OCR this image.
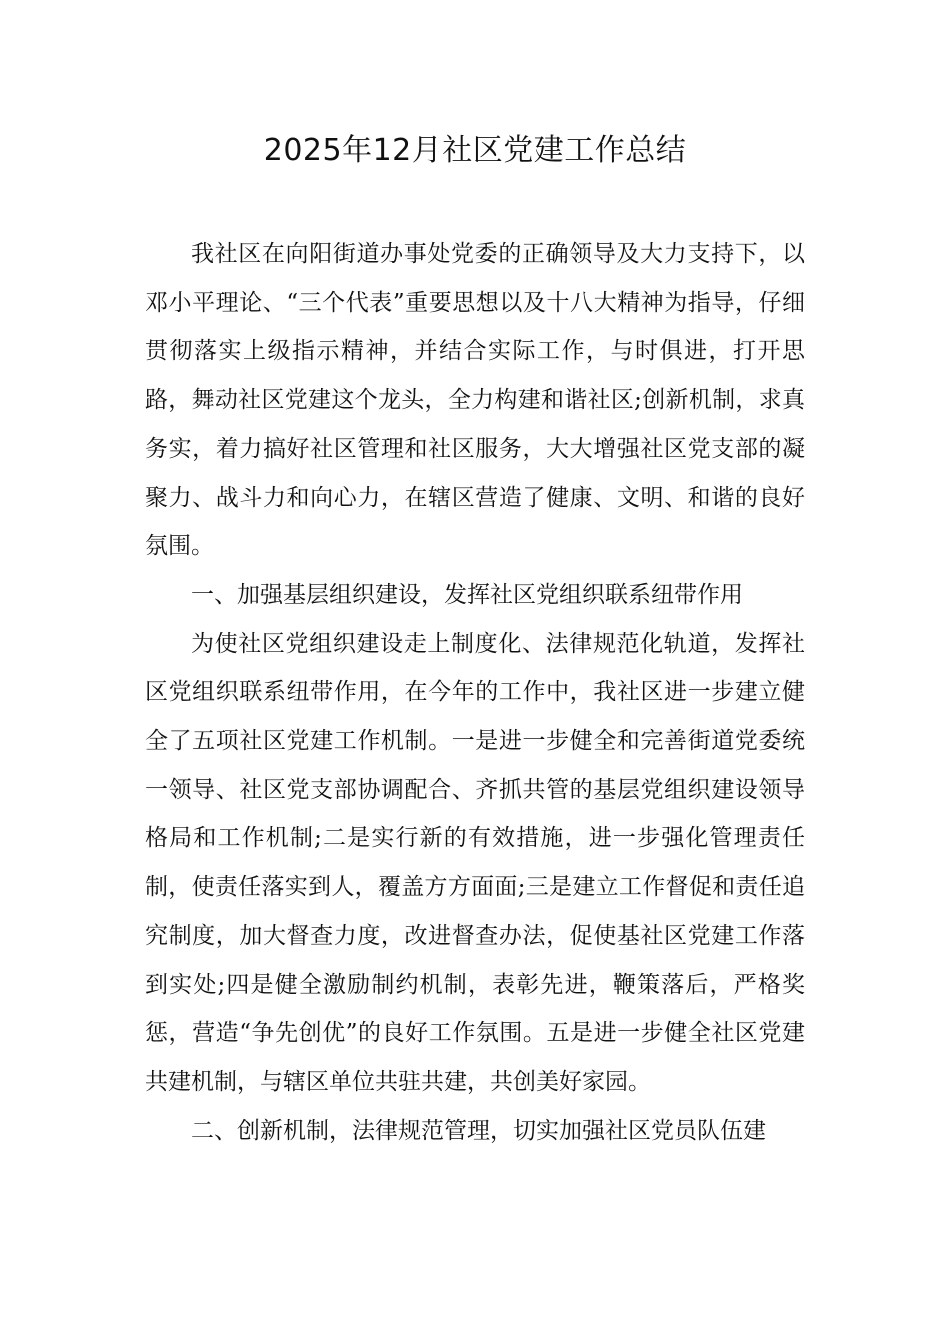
2025年12月社区党建工作总结

我社区在向阳街道办事处党委的正确领导及大力支持下，以邓小平理论、“三个代表”重要思想以及十八大精神为指导，仔细贯彻落实上级指示精神，并结合实际工作，与时俱进，打开思路，舞动社区党建这个龙头，全力构建和谐社区;创新机制，求真务实，着力搞好社区管理和社区服务，大大增强社区党支部的凝聚力、战斗力和向心力，在辖区营造了健康、文明、和谐的良好氛围。

一、加强基层组织建设，发挥社区党组织联系纽带作用

为使社区党组织建设走上制度化、法律规范化轨道，发挥社区党组织联系纽带作用，在今年的工作中，我社区进一步建立健全了五项社区党建工作机制。一是进一步健全和完善街道党委统一领导、社区党支部协调配合、齐抓共管的基层党组织建设领导格局和工作机制;二是实行新的有效措施，进一步强化管理责任制，使责任落实到人，覆盖方方面面;三是建立工作督促和责任追究制度，加大督查力度，改进督查办法，促使基社区党建工作落到实处;四是健全激励制约机制，表彰先进，鞭策落后，严格奖惩，营造“争先创优”的良好工作氛围。五是进一步健全社区党建共建机制，与辖区单位共驻共建，共创美好家园。

二、创新机制，法律规范管理，切实加强社区党员队伍建
